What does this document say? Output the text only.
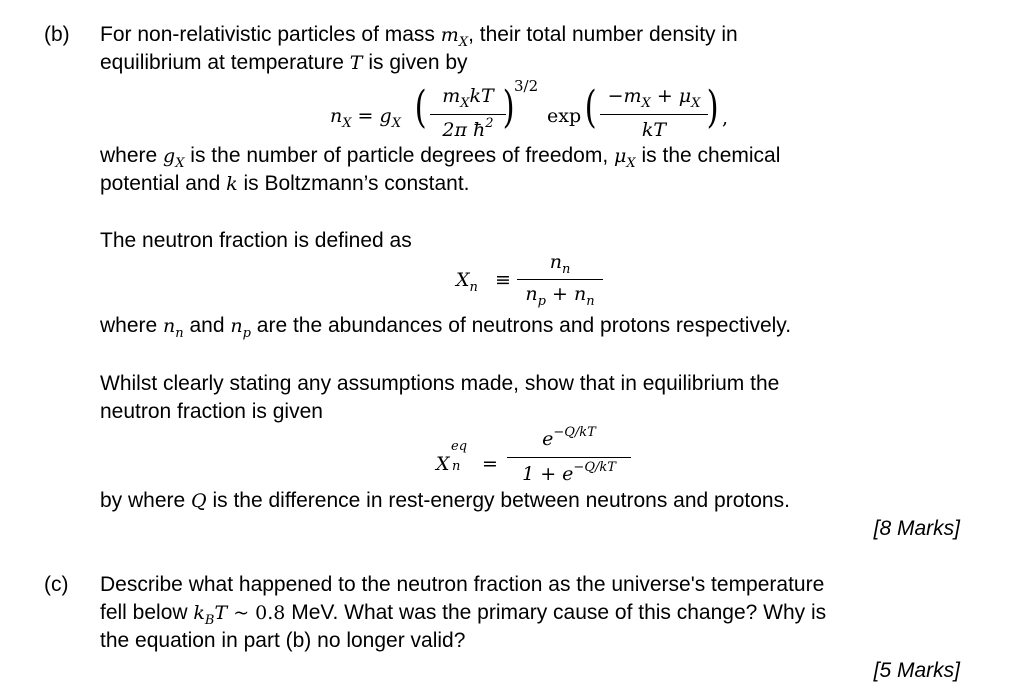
(b) For non-relativistic particles of mass $m_X$, their total number density in
equilibrium at temperature T is given by
$n_X = g_X$ ( $m_XkT$
2π $ħ^2$ ) 3/2
exp ( $-m_X + \mu_X$
kT ) ,
where $g_X$ is the number of particle degrees of freedom, $\mu_X$ is the chemical
potential and k is Boltzmann’s constant.
The neutron fraction is defined as
$X_n$ ≡
$n_n$
$n_p + n_n$
where $n_n$ and $n_p$ are the abundances of neutrons and protons respectively.
Whilst clearly stating any assumptions made, show that in equilibrium the
neutron fraction is given
X
eq
n =
$e^{-Q/kT}$
$1 + e^{-Q/kT}$
by where Q is the difference in rest-energy between neutrons and protons.
[8 Marks]
(c) Describe what happened to the neutron fraction as the universe's temperature
fell below $k_BT$ ~ 0.8 MeV. What was the primary cause of this change? Why is
the equation in part (b) no longer valid?
[5 Marks]
